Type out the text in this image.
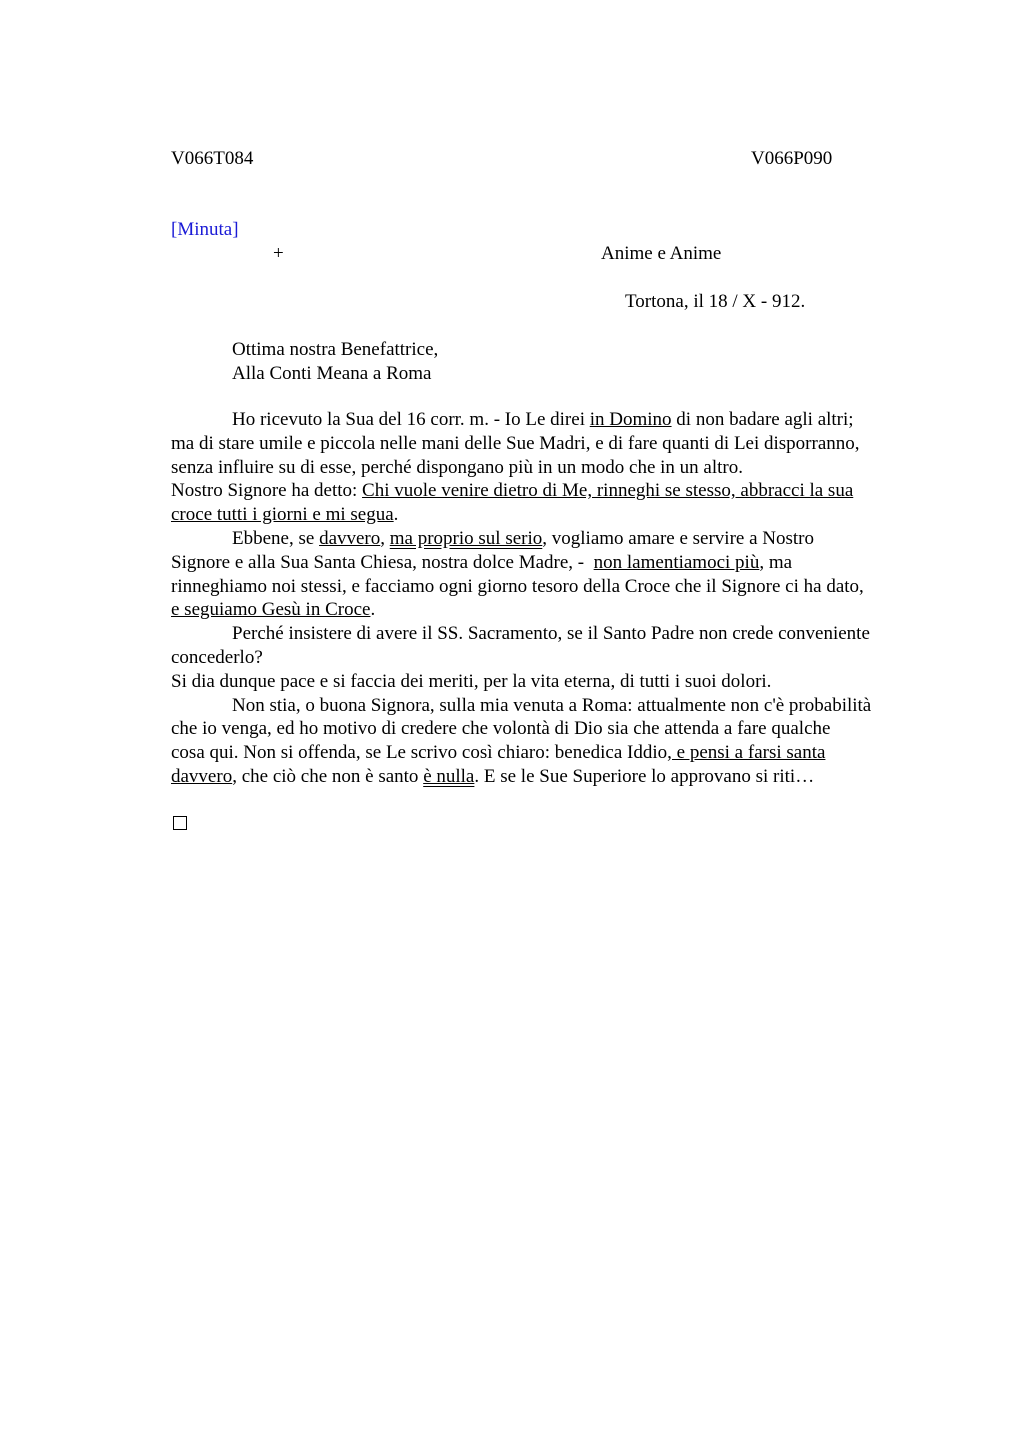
V066T084	V066P090
[Minuta]
+	Anime e Anime
Tortona, il 18 / X - 912.
Ottima nostra Benefattrice,
Alla Conti Meana a Roma
Ho ricevuto la Sua del 16 corr. m. - Io Le direi in Domino di non badare agli altri;
ma di stare umile e piccola nelle mani delle Sue Madri, e di fare quanti di Lei disporranno,
senza influire su di esse, perché dispongano più in un modo che in un altro.
Nostro Signore ha detto: Chi vuole venire dietro di Me, rinneghi se stesso, abbracci la sua
croce tutti i giorni e mi segua.
Ebbene, se davvero, ma proprio sul serio, vogliamo amare e servire a Nostro
Signore e alla Sua Santa Chiesa, nostra dolce Madre, -  non lamentiamoci più, ma
rinneghiamo noi stessi, e facciamo ogni giorno tesoro della Croce che il Signore ci ha dato,
e seguiamo Gesù in Croce.
Perché insistere di avere il SS. Sacramento, se il Santo Padre non crede conveniente
concederlo?
Si dia dunque pace e si faccia dei meriti, per la vita eterna, di tutti i suoi dolori.
Non stia, o buona Signora, sulla mia venuta a Roma: attualmente non c'è probabilità
che io venga, ed ho motivo di credere che volontà di Dio sia che attenda a fare qualche
cosa qui. Non si offenda, se Le scrivo così chiaro: benedica Iddio, e pensi a farsi santa
davvero, che ciò che non è santo è nulla. E se le Sue Superiore lo approvano si riti…
